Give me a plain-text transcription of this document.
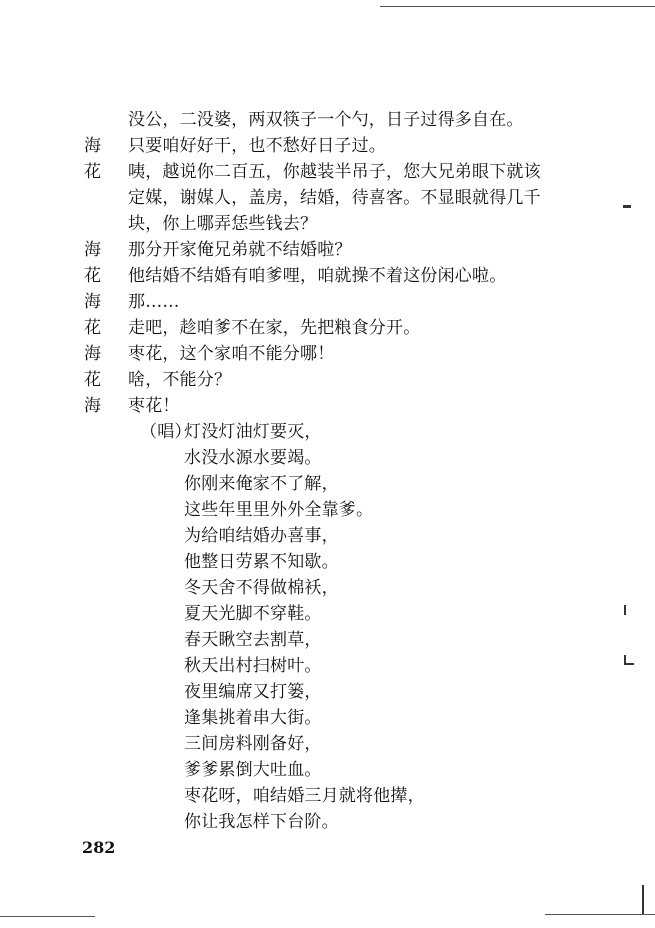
没公，二没婆，两双筷子一个勺，日子过得多自在。
海 只要咱好好干，也不愁好日子过。
花 咦，越说你二百五，你越装半吊子，您大兄弟眼下就该
定媒，谢媒人，盖房，结婚，待喜客。不显眼就得几千
块，你上哪弄恁些钱去？
海 那分开家俺兄弟就不结婚啦？
花 他结婚不结婚有咱爹哩，咱就操不着这份闲心啦。
海 那……
花 走吧，趁咱爹不在家，先把粮食分开。
海 枣花，这个家咱不能分哪！
花 啥，不能分？
海 枣花！
（唱）
灯没灯油灯要灭，
水没水源水要竭。
你刚来俺家不了解，
这些年里里外外全靠爹。
为给咱结婚办喜事，
他整日劳累不知歇。
冬天舍不得做棉袄，
夏天光脚不穿鞋。
春天瞅空去割草，
秋天出村扫树叶。
夜里编席又打篓，
逢集挑着串大街。
三间房料刚备好，
爹爹累倒大吐血。
枣花呀，咱结婚三月就将他撵，
你让我怎样下台阶。
282
